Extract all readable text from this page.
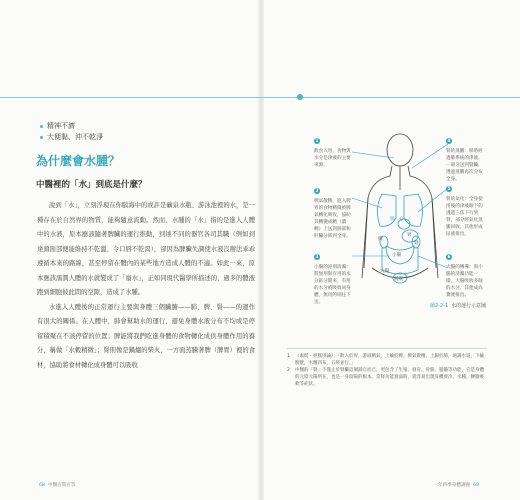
精神不濟
大便黏、沖不乾淨
為什麼會水腫？
中醫裡的「水」到底是什麼？

說到「水」，立刻浮現在你腦海中的或許是礦泉水瓶、游泳池裡的水，是一種存在於自然界的物質，能夠隨意流動。然而，水腫的「水」指的是進入人體中的水液，原本應該隨著脾臟的運行推動，到達不同的器官各司其職（例如到達頭面部便能維持不乾澀、令口唇不乾渴），卻因為脾臟失調使水液沒辦法乖乖遵循本來的路線，甚至停留在體內的某些地方造成人體的不適。如此一來，原本應該濡潤人體的水就變成了「廢水」，正如同現代醫學所描述的，過多的體液跑到細胞彼此間的空隙，造成了水腫。

水進入人體後的正常運行主要與身體三個臟腑——肺、脾、腎——的運作有很大的關係。在人體中，肺會幫助水的運行，避免身體水液分布不均或是停留積聚在不該停留的位置；脾能將我們吃進身體的食物轉化成供身體作用的養分，稱做「水穀精微」；腎則像是鍋爐的柴火，一方面蒸騰著脾（脾胃）裡的食材，協助將食材轉化成身體可以吸收

肺 心
脾
胃
腎
小腸
大腸
膀胱
1
飲食入胃，食物與水分是津液的主要來源。
2
脾氣散精，進入脾胃的食物精微被脾氣轉化吸收，協助其轉變成精（濃稠）上送到肺部和肝臟分佈到全身。
3
小腸的泌別清濁：將無用與有用的水分區分開來，有用的水分被吸收回身體，無用的則往下送。
4
腎的蒸騰：肺將經過肺系統的津液、一部分送到腎臟，透過蒸騰再次分布全身。
5
腎的氣化：全身使用後的津液餘下的透過三焦下行到腎，部分經氣化蒸騰回收，其他形成尿液排出。
6
大腸的傳導：與小腸的清濁功能一樣，大腸吸收多餘的水分，其他成為糞便排出。
圖2-2-1 水的運行示意圖
1	《素問・經脈別論》：「飲入於胃，游溢精氣，上輸於脾。脾氣散精，上歸於肺，通調水道，下輸膀胱，水精四布，五經並行。」
2	中醫的「腎」不僅止於腎臟這個器官而已，更包含了生殖、發育、骨骼、腦髓等功能，它是身體的元陰元陽所在，也是一身陰陽的根本。當腎功能衰弱時，就容易出現身體發冷、水腫、腰膝痠軟等症狀。
68 中醫百問百答	一年四季身體調養 69
